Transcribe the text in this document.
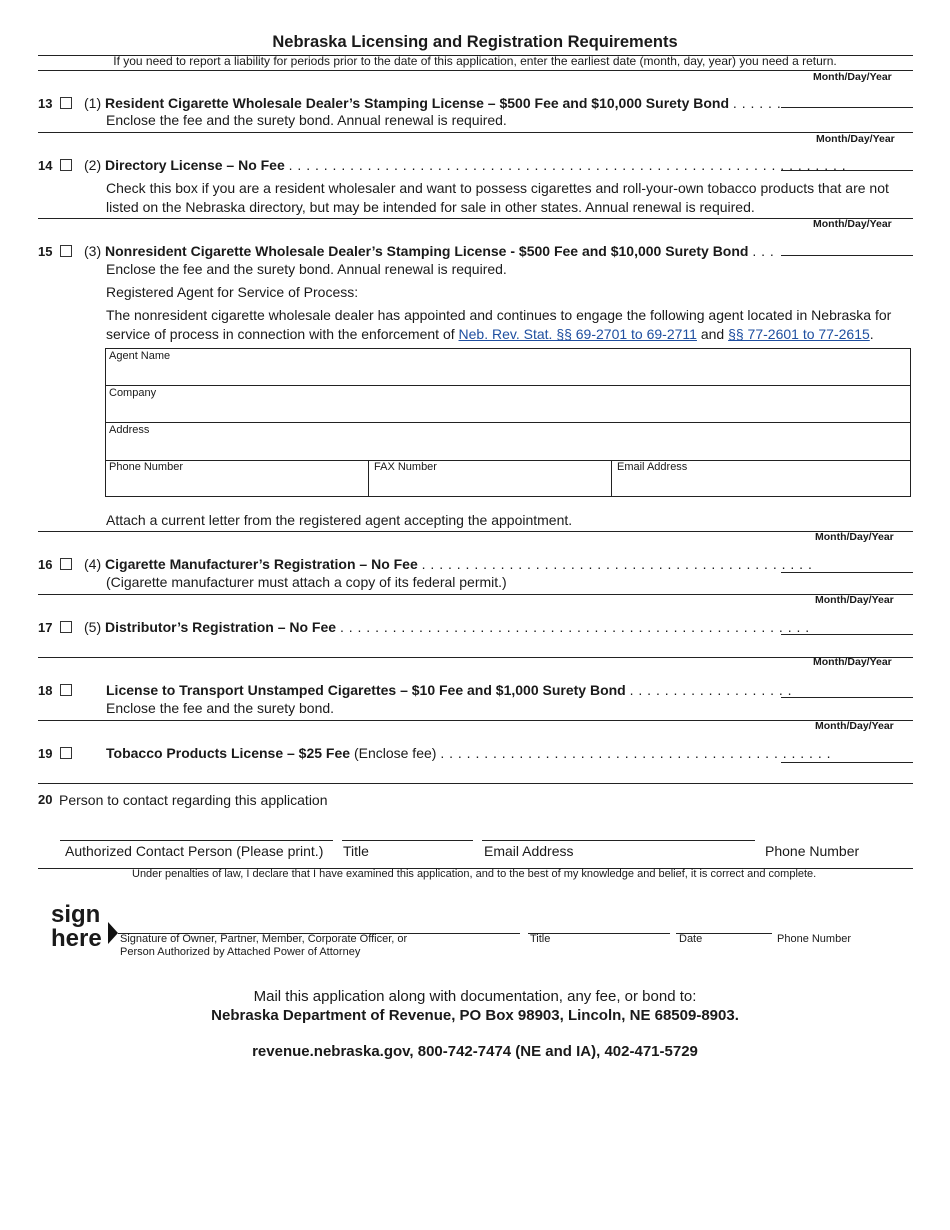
Nebraska Licensing and Registration Requirements
If you need to report a liability for periods prior to the date of this application, enter the earliest date (month, day, year) you need a return.
Month/Day/Year
13 (1) Resident Cigarette Wholesale Dealer’s Stamping License – $500 Fee and $10,000 Surety Bond . . . . . .
Enclose the fee and the surety bond. Annual renewal is required.
Month/Day/Year
14 (2) Directory License – No Fee . . . . . . . . . . . . . . . . . . . . . . . . . . . . . . . . . . . . . . . . . . . . . . . . . . . . . . . . . . . . . . . .
Check this box if you are a resident wholesaler and want to possess cigarettes and roll-your-own tobacco products that are not listed on the Nebraska directory, but may be intended for sale in other states. Annual renewal is required.
Month/Day/Year
15 (3) Nonresident Cigarette Wholesale Dealer’s Stamping License - $500 Fee and $10,000 Surety Bond . . .
Enclose the fee and the surety bond. Annual renewal is required.
Registered Agent for Service of Process:
The nonresident cigarette wholesale dealer has appointed and continues to engage the following agent located in Nebraska for service of process in connection with the enforcement of Neb. Rev. Stat. §§ 69-2701 to 69-2711 and §§ 77-2601 to 77-2615.
Agent Name
Company
Address
Phone Number	FAX Number	Email Address
Attach a current letter from the registered agent accepting the appointment.
Month/Day/Year
16 (4) Cigarette Manufacturer’s Registration – No Fee . . . . . . . . . . . . . . . . . . . . . . . . . . . . . . . . . . . . . . . . . . . . .
(Cigarette manufacturer must attach a copy of its federal permit.)
Month/Day/Year
17 (5) Distributor’s Registration – No Fee . . . . . . . . . . . . . . . . . . . . . . . . . . . . . . . . . . . . . . . . . . . . . . . . . . . . . .
Month/Day/Year
18	License to Transport Unstamped Cigarettes – $10 Fee and $1,000 Surety Bond . . . . . . . . . . . . . . . . . . .
Enclose the fee and the surety bond.
Month/Day/Year
19	Tobacco Products License – $25 Fee (Enclose fee) . . . . . . . . . . . . . . . . . . . . . . . . . . . . . . . . . . . . . . . . . . . . .
20 Person to contact regarding this application
Authorized Contact Person (Please print.) Title	Email Address	Phone Number
Under penalties of law, I declare that I have examined this application, and to the best of my knowledge and belief, it is correct and complete.
sign
here Signature of Owner, Partner, Member, Corporate Officer, or
Person Authorized by Attached Power of Attorney
Title	Date	Phone Number
Mail this application along with documentation, any fee, or bond to:
Nebraska Department of Revenue, PO Box 98903, Lincoln, NE 68509-8903.
revenue.nebraska.gov, 800-742-7474 (NE and IA), 402-471-5729
